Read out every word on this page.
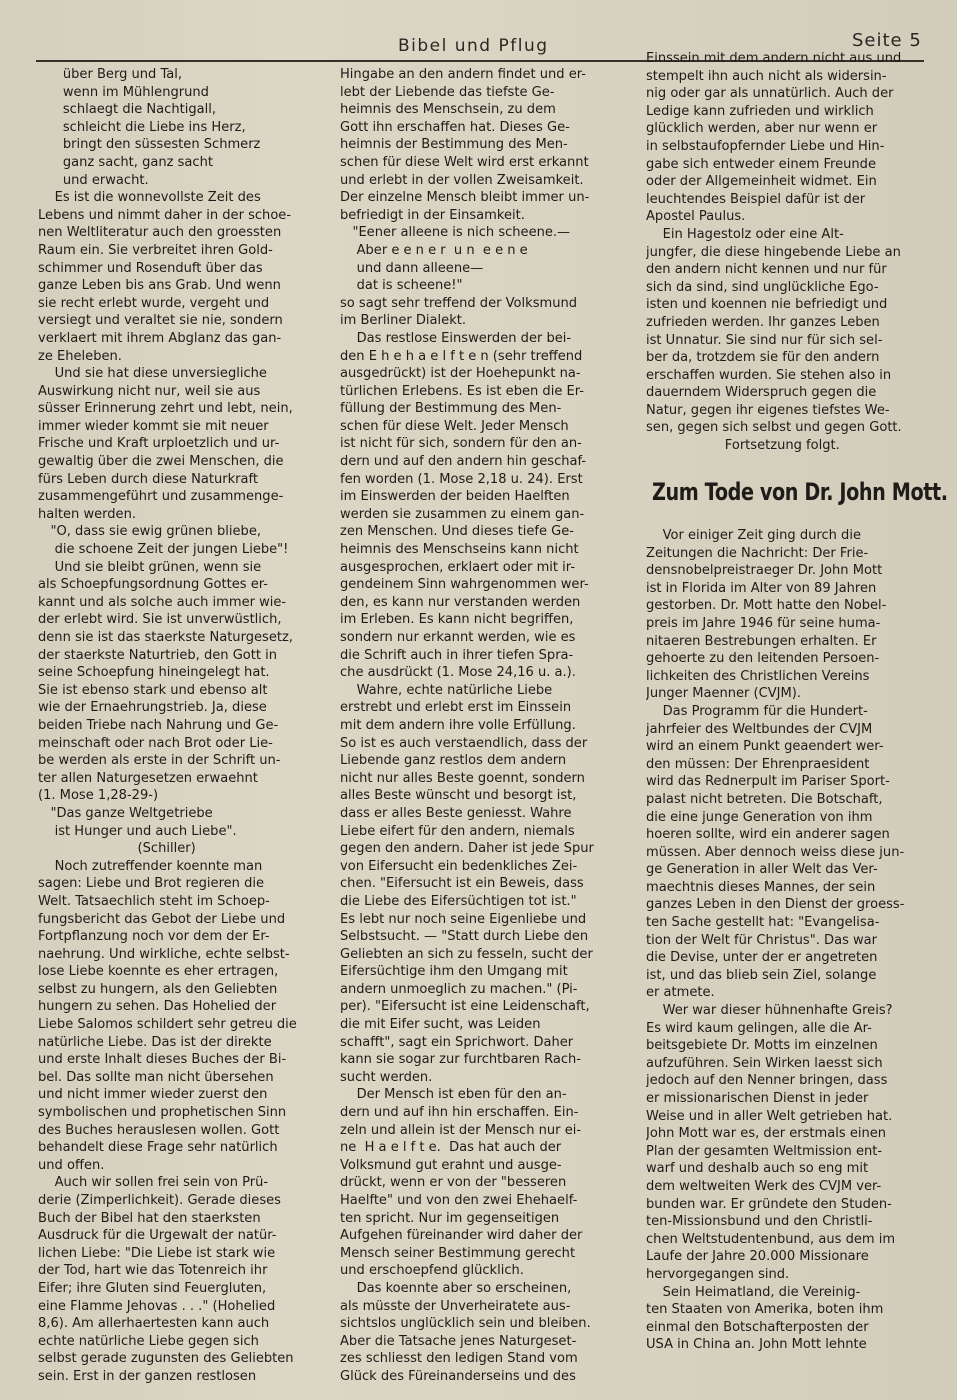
Bibel und Pflug	Seite 5
über Berg und Tal,
wenn im Mühlengrund
schlaegt die Nachtigall,
schleicht die Liebe ins Herz,
bringt den süssesten Schmerz
ganz sacht, ganz sacht
und erwacht.
Es ist die wonnevollste Zeit des
Lebens und nimmt daher in der schoe-
nen Weltliteratur auch den groessten
Raum ein. Sie verbreitet ihren Gold-
schimmer und Rosenduft über das
ganze Leben bis ans Grab. Und wenn
sie recht erlebt wurde, vergeht und
versiegt und veraltet sie nie, sondern
verklaert mit ihrem Abglanz das gan-
ze Eheleben.
Und sie hat diese unversiegliche
Auswirkung nicht nur, weil sie aus
süsser Erinnerung zehrt und lebt, nein,
immer wieder kommt sie mit neuer
Frische und Kraft urploetzlich und ur-
gewaltig über die zwei Menschen, die
fürs Leben durch diese Naturkraft
zusammengeführt und zusammenge-
halten werden.
"O, dass sie ewig grünen bliebe,
die schoene Zeit der jungen Liebe"!
Und sie bleibt grünen, wenn sie
als Schoepfungsordnung Gottes er-
kannt und als solche auch immer wie-
der erlebt wird. Sie ist unverwüstlich,
denn sie ist das staerkste Naturgesetz,
der staerkste Naturtrieb, den Gott in
seine Schoepfung hineingelegt hat.
Sie ist ebenso stark und ebenso alt
wie der Ernaehrungstrieb. Ja, diese
beiden Triebe nach Nahrung und Ge-
meinschaft oder nach Brot oder Lie-
be werden als erste in der Schrift un-
ter allen Naturgesetzen erwaehnt
(1. Mose 1,28-29-)
"Das ganze Weltgetriebe
ist Hunger und auch Liebe".
(Schiller)
Noch zutreffender koennte man
sagen: Liebe und Brot regieren die
Welt. Tatsaechlich steht im Schoep-
fungsbericht das Gebot der Liebe und
Fortpflanzung noch vor dem der Er-
naehrung. Und wirkliche, echte selbst-
lose Liebe koennte es eher ertragen,
selbst zu hungern, als den Geliebten
hungern zu sehen. Das Hohelied der
Liebe Salomos schildert sehr getreu die
natürliche Liebe. Das ist der direkte
und erste Inhalt dieses Buches der Bi-
bel. Das sollte man nicht übersehen
und nicht immer wieder zuerst den
symbolischen und prophetischen Sinn
des Buches herauslesen wollen. Gott
behandelt diese Frage sehr natürlich
und offen.
Auch wir sollen frei sein von Prü-
derie (Zimperlichkeit). Gerade dieses
Buch der Bibel hat den staerksten
Ausdruck für die Urgewalt der natür-
lichen Liebe: "Die Liebe ist stark wie
der Tod, hart wie das Totenreich ihr
Eifer; ihre Gluten sind Feuergluten,
eine Flamme Jehovas . . ." (Hohelied
8,6). Am allerhaertesten kann auch
echte natürliche Liebe gegen sich
selbst gerade zugunsten des Geliebten
sein. Erst in der ganzen restlosen
Hingabe an den andern findet und er-
lebt der Liebende das tiefste Ge-
heimnis des Menschsein, zu dem
Gott ihn erschaffen hat. Dieses Ge-
heimnis der Bestimmung des Men-
schen für diese Welt wird erst erkannt
und erlebt in der vollen Zweisamkeit.
Der einzelne Mensch bleibt immer un-
befriedigt in der Einsamkeit.
"Eener alleene is nich scheene.—
Aber e e n e r  u n  e e n e
und dann alleene—
dat is scheene!"
so sagt sehr treffend der Volksmund
im Berliner Dialekt.
Das restlose Einswerden der bei-
den E h e h a e l f t e n (sehr treffend
ausgedrückt) ist der Hoehepunkt na-
türlichen Erlebens. Es ist eben die Er-
füllung der Bestimmung des Men-
schen für diese Welt. Jeder Mensch
ist nicht für sich, sondern für den an-
dern und auf den andern hin geschaf-
fen worden (1. Mose 2,18 u. 24). Erst
im Einswerden der beiden Haelften
werden sie zusammen zu einem gan-
zen Menschen. Und dieses tiefe Ge-
heimnis des Menschseins kann nicht
ausgesprochen, erklaert oder mit ir-
gendeinem Sinn wahrgenommen wer-
den, es kann nur verstanden werden
im Erleben. Es kann nicht begriffen,
sondern nur erkannt werden, wie es
die Schrift auch in ihrer tiefen Spra-
che ausdrückt (1. Mose 24,16 u. a.).
Wahre, echte natürliche Liebe
erstrebt und erlebt erst im Einssein
mit dem andern ihre volle Erfüllung.
So ist es auch verstaendlich, dass der
Liebende ganz restlos dem andern
nicht nur alles Beste goennt, sondern
alles Beste wünscht und besorgt ist,
dass er alles Beste geniesst. Wahre
Liebe eifert für den andern, niemals
gegen den andern. Daher ist jede Spur
von Eifersucht ein bedenkliches Zei-
chen. "Eifersucht ist ein Beweis, dass
die Liebe des Eifersüchtigen tot ist."
Es lebt nur noch seine Eigenliebe und
Selbstsucht. — "Statt durch Liebe den
Geliebten an sich zu fesseln, sucht der
Eifersüchtige ihm den Umgang mit
andern unmoeglich zu machen." (Pi-
per). "Eifersucht ist eine Leidenschaft,
die mit Eifer sucht, was Leiden
schafft", sagt ein Sprichwort. Daher
kann sie sogar zur furchtbaren Rach-
sucht werden.
Der Mensch ist eben für den an-
dern und auf ihn hin erschaffen. Ein-
zeln und allein ist der Mensch nur ei-
ne  H a e l f t e.  Das hat auch der
Volksmund gut erahnt und ausge-
drückt, wenn er von der "besseren
Haelfte" und von den zwei Ehehaelf-
ten spricht. Nur im gegenseitigen
Aufgehen füreinander wird daher der
Mensch seiner Bestimmung gerecht
und erschoepfend glücklich.
Das koennte aber so erscheinen,
als müsste der Unverheiratete aus-
sichtslos unglücklich sein und bleiben.
Aber die Tatsache jenes Naturgeset-
zes schliesst den ledigen Stand vom
Glück des Füreinanderseins und des
Einssein mit dem andern nicht aus und
stempelt ihn auch nicht als widersin-
nig oder gar als unnatürlich. Auch der
Ledige kann zufrieden und wirklich
glücklich werden, aber nur wenn er
in selbstaufopfernder Liebe und Hin-
gabe sich entweder einem Freunde
oder der Allgemeinheit widmet. Ein
leuchtendes Beispiel dafür ist der
Apostel Paulus.
Ein Hagestolz oder eine Alt-
jungfer, die diese hingebende Liebe an
den andern nicht kennen und nur für
sich da sind, sind unglückliche Ego-
isten und koennen nie befriedigt und
zufrieden werden. Ihr ganzes Leben
ist Unnatur. Sie sind nur für sich sel-
ber da, trotzdem sie für den andern
erschaffen wurden. Sie stehen also in
dauerndem Widerspruch gegen die
Natur, gegen ihr eigenes tiefstes We-
sen, gegen sich selbst und gegen Gott.
Fortsetzung folgt.
Zum Tode von Dr. John Mott.
Vor einiger Zeit ging durch die
Zeitungen die Nachricht: Der Frie-
densnobelpreistraeger Dr. John Mott
ist in Florida im Alter von 89 Jahren
gestorben. Dr. Mott hatte den Nobel-
preis im Jahre 1946 für seine huma-
nitaeren Bestrebungen erhalten. Er
gehoerte zu den leitenden Persoen-
lichkeiten des Christlichen Vereins
Junger Maenner (CVJM).
Das Programm für die Hundert-
jahrfeier des Weltbundes der CVJM
wird an einem Punkt geaendert wer-
den müssen: Der Ehrenpraesident
wird das Rednerpult im Pariser Sport-
palast nicht betreten. Die Botschaft,
die eine junge Generation von ihm
hoeren sollte, wird ein anderer sagen
müssen. Aber dennoch weiss diese jun-
ge Generation in aller Welt das Ver-
maechtnis dieses Mannes, der sein
ganzes Leben in den Dienst der groess-
ten Sache gestellt hat: "Evangelisa-
tion der Welt für Christus". Das war
die Devise, unter der er angetreten
ist, und das blieb sein Ziel, solange
er atmete.
Wer war dieser hühnenhafte Greis?
Es wird kaum gelingen, alle die Ar-
beitsgebiete Dr. Motts im einzelnen
aufzuführen. Sein Wirken laesst sich
jedoch auf den Nenner bringen, dass
er missionarischen Dienst in jeder
Weise und in aller Welt getrieben hat.
John Mott war es, der erstmals einen
Plan der gesamten Weltmission ent-
warf und deshalb auch so eng mit
dem weltweiten Werk des CVJM ver-
bunden war. Er gründete den Studen-
ten-Missionsbund und den Christli-
chen Weltstudentenbund, aus dem im
Laufe der Jahre 20.000 Missionare
hervorgegangen sind.
Sein Heimatland, die Vereinig-
ten Staaten von Amerika, boten ihm
einmal den Botschafterposten der
USA in China an. John Mott lehnte
